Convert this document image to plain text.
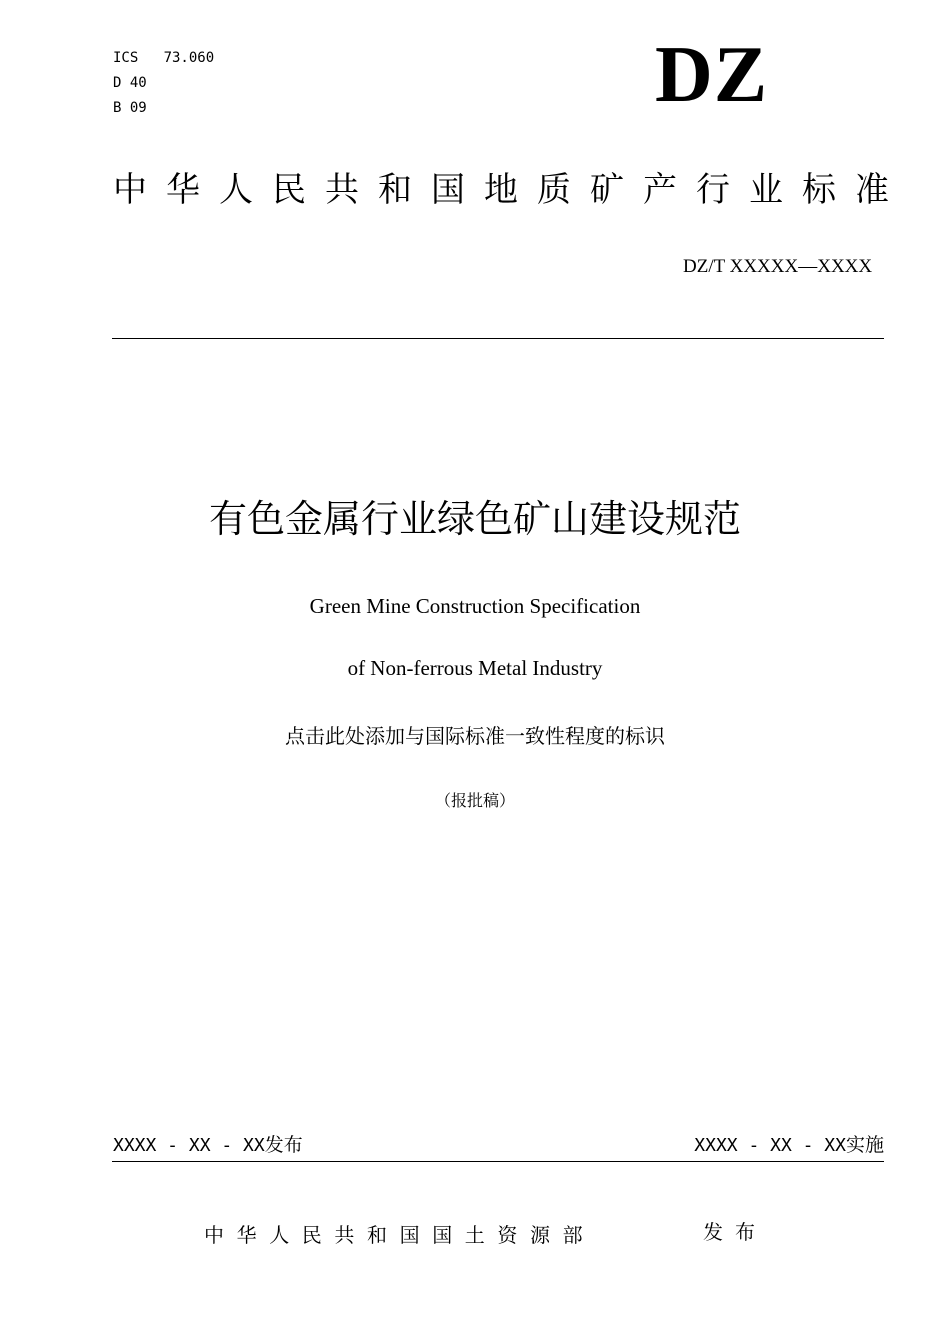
ICS   73.060
D 40
B 09	DZ
中华人民共和国地质矿产行业标准
DZ/T XXXXX—XXXX
有色金属行业绿色矿山建设规范
Green Mine Construction Specification
of Non-ferrous Metal Industry
点击此处添加与国际标准一致性程度的标识
（报批稿）
XXXX - XX - XX发布	XXXX - XX - XX实施
中华人民共和国国土资源部	发布
